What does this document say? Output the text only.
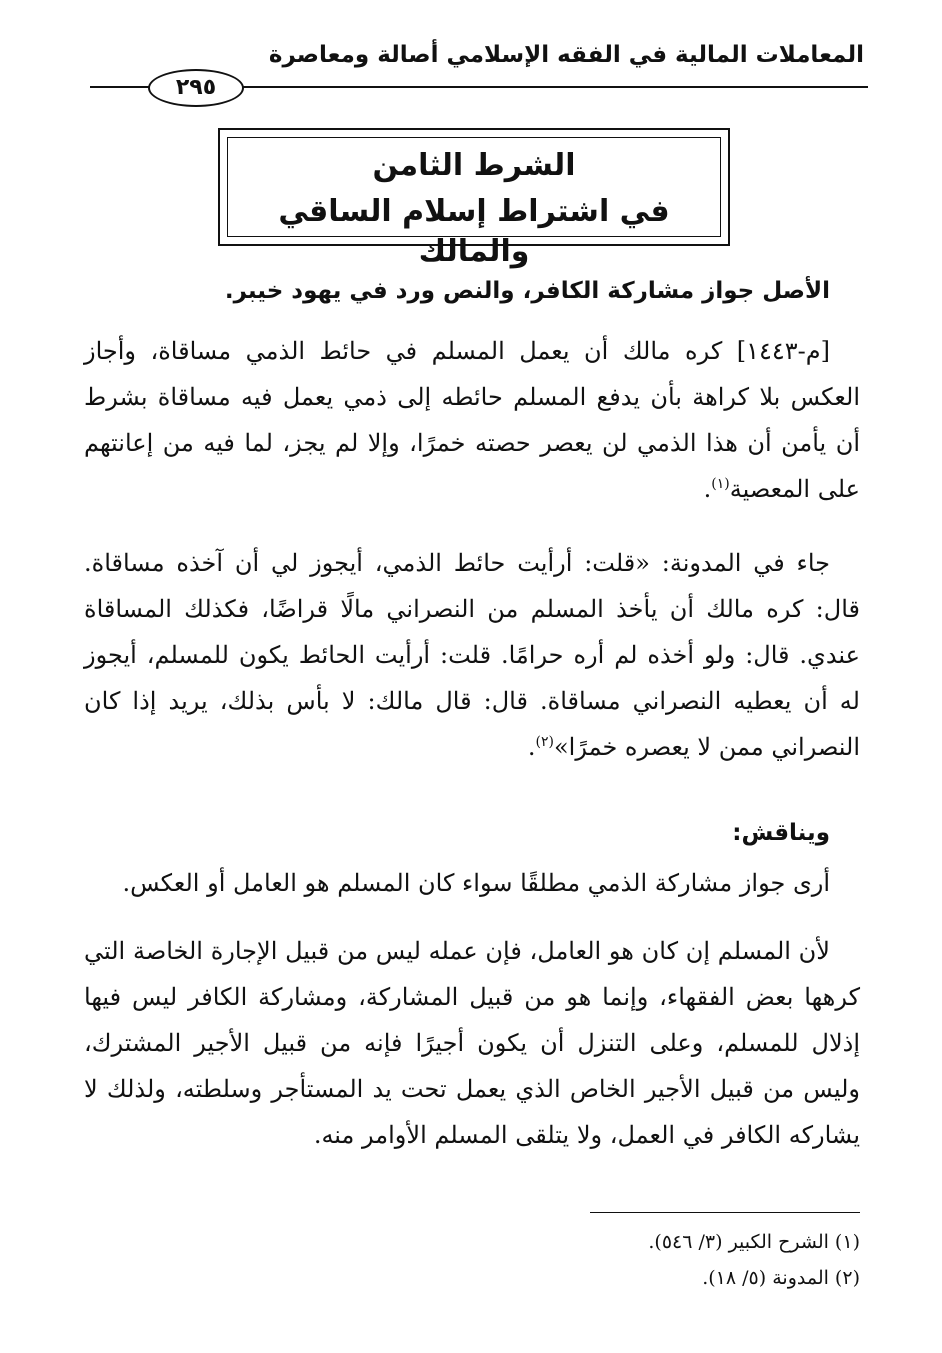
المعاملات المالية في الفقه الإسلامي أصالة ومعاصرة
٢٩٥
الشرط الثامن
في اشتراط إسلام الساقي والمالك

الأصل جواز مشاركة الكافر، والنص ورد في يهود خيبر.

[م-١٤٤٣] كره مالك أن يعمل المسلم في حائط الذمي مساقاة، وأجاز العكس بلا كراهة بأن يدفع المسلم حائطه إلى ذمي يعمل فيه مساقاة بشرط أن يأمن أن هذا الذمي لن يعصر حصته خمرًا، وإلا لم يجز، لما فيه من إعانتهم على المعصية$^{(١)}$.

جاء في المدونة: «قلت: أرأيت حائط الذمي، أيجوز لي أن آخذه مساقاة. قال: كره مالك أن يأخذ المسلم من النصراني مالًا قراضًا، فكذلك المساقاة عندي. قال: ولو أخذه لم أره حرامًا. قلت: أرأيت الحائط يكون للمسلم، أيجوز له أن يعطيه النصراني مساقاة. قال: قال مالك: لا بأس بذلك، يريد إذا كان النصراني ممن لا يعصره خمرًا»$^{(٢)}$.

ويناقش:

أرى جواز مشاركة الذمي مطلقًا سواء كان المسلم هو العامل أو العكس.

لأن المسلم إن كان هو العامل، فإن عمله ليس من قبيل الإجارة الخاصة التي كرهها بعض الفقهاء، وإنما هو من قبيل المشاركة، ومشاركة الكافر ليس فيها إذلال للمسلم، وعلى التنزل أن يكون أجيرًا فإنه من قبيل الأجير المشترك، وليس من قبيل الأجير الخاص الذي يعمل تحت يد المستأجر وسلطته، ولذلك لا يشاركه الكافر في العمل، ولا يتلقى المسلم الأوامر منه.

(١) الشرح الكبير (٣/ ٥٤٦).

(٢) المدونة (٥/ ١٨).
